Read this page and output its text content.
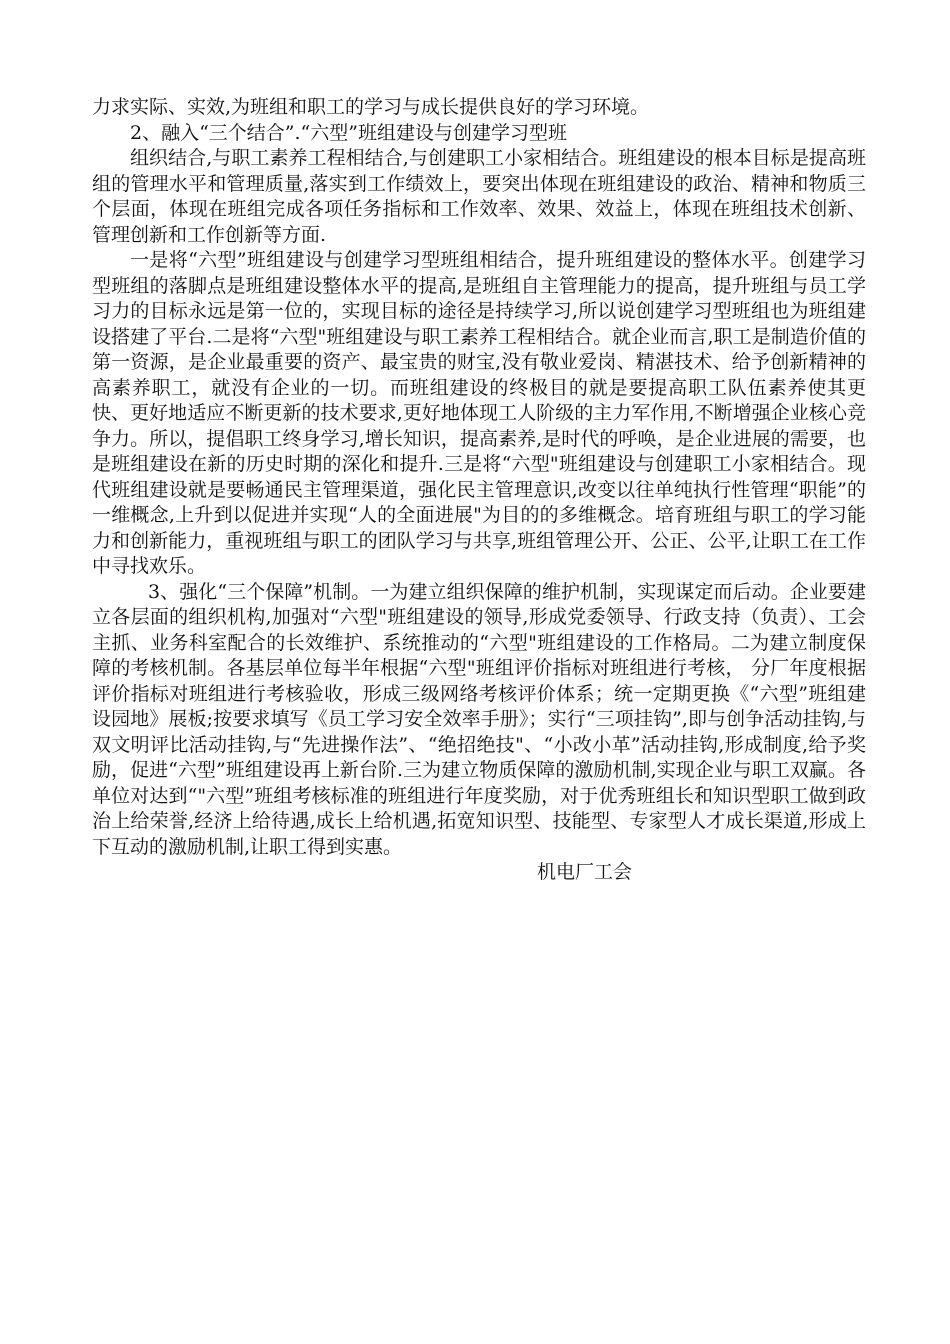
力求实际、实效,为班组和职工的学习与成长提供良好的学习环境。

2、融入“三个结合”.“六型”班组建设与创建学习型班

组织结合,与职工素养工程相结合,与创建职工小家相结合。班组建设的根本目标是提高班组的管理水平和管理质量,落实到工作绩效上，要突出体现在班组建设的政治、精神和物质三个层面，体现在班组完成各项任务指标和工作效率、效果、效益上，体现在班组技术创新、管理创新和工作创新等方面.

一是将“六型”班组建设与创建学习型班组相结合，提升班组建设的整体水平。创建学习型班组的落脚点是班组建设整体水平的提高,是班组自主管理能力的提高，提升班组与员工学习力的目标永远是第一位的，实现目标的途径是持续学习,所以说创建学习型班组也为班组建设搭建了平台.二是将“六型"班组建设与职工素养工程相结合。就企业而言,职工是制造价值的第一资源，是企业最重要的资产、最宝贵的财宝,没有敬业爱岗、精湛技术、给予创新精神的高素养职工，就没有企业的一切。而班组建设的终极目的就是要提高职工队伍素养使其更快、更好地适应不断更新的技术要求,更好地体现工人阶级的主力军作用,不断增强企业核心竞争力。所以，提倡职工终身学习,增长知识，提高素养,是时代的呼唤，是企业进展的需要，也是班组建设在新的历史时期的深化和提升.三是将“六型"班组建设与创建职工小家相结合。现代班组建设就是要畅通民主管理渠道，强化民主管理意识,改变以往单纯执行性管理“职能”的一维概念,上升到以促进并实现“人的全面进展"为目的的多维概念。培育班组与职工的学习能力和创新能力，重视班组与职工的团队学习与共享,班组管理公开、公正、公平,让职工在工作中寻找欢乐。

3、强化“三个保障”机制。一为建立组织保障的维护机制，实现谋定而后动。企业要建立各层面的组织机构,加强对“六型"班组建设的领导,形成党委领导、行政支持（负责）、工会主抓、业务科室配合的长效维护、系统推动的“六型"班组建设的工作格局。二为建立制度保障的考核机制。各基层单位每半年根据“六型"班组评价指标对班组进行考核， 分厂年度根据评价指标对班组进行考核验收，形成三级网络考核评价体系；统一定期更换《“六型”班组建设园地》展板;按要求填写《员工学习安全效率手册》；实行“三项挂钩”,即与创争活动挂钩,与双文明评比活动挂钩,与“先进操作法”、“绝招绝技"、“小改小革”活动挂钩,形成制度,给予奖励，促进“六型”班组建设再上新台阶.三为建立物质保障的激励机制,实现企业与职工双赢。各单位对达到“"六型”班组考核标准的班组进行年度奖励，对于优秀班组长和知识型职工做到政治上给荣誉,经济上给待遇,成长上给机遇,拓宽知识型、技能型、专家型人才成长渠道,形成上下互动的激励机制,让职工得到实惠。

机电厂工会
